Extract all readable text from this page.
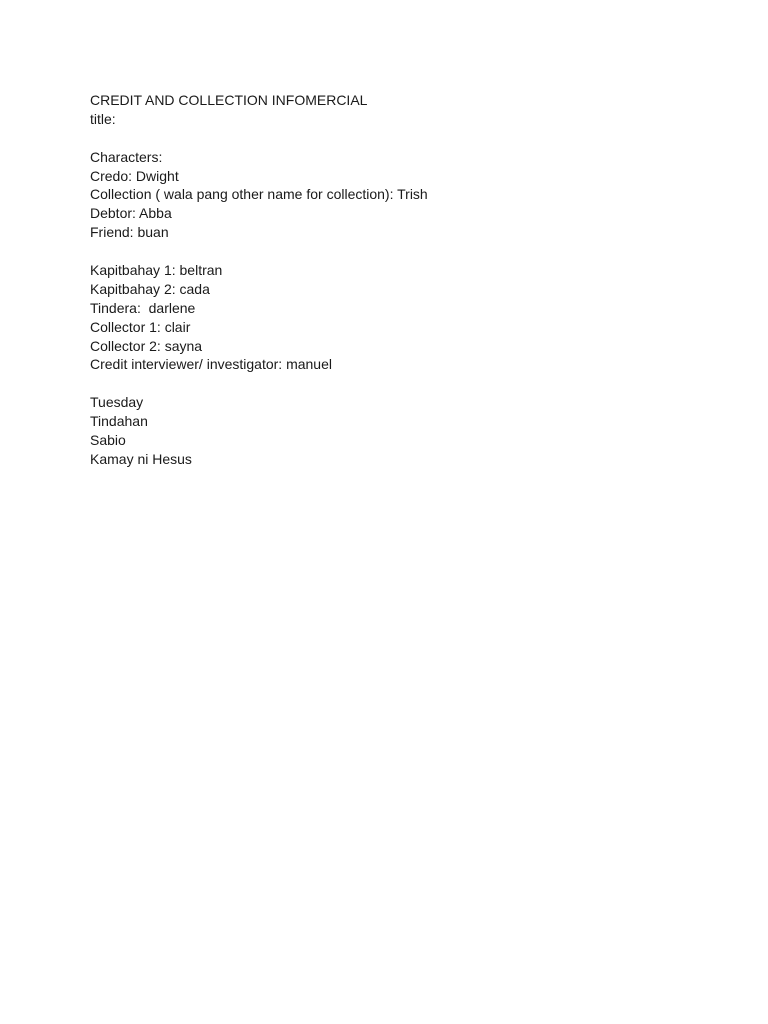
CREDIT AND COLLECTION INFOMERCIAL
title:
Characters:
Credo: Dwight
Collection ( wala pang other name for collection): Trish
Debtor: Abba
Friend: buan
Kapitbahay 1: beltran
Kapitbahay 2: cada
Tindera:  darlene
Collector 1: clair
Collector 2: sayna
Credit interviewer/ investigator: manuel
Tuesday
Tindahan
Sabio
Kamay ni Hesus
